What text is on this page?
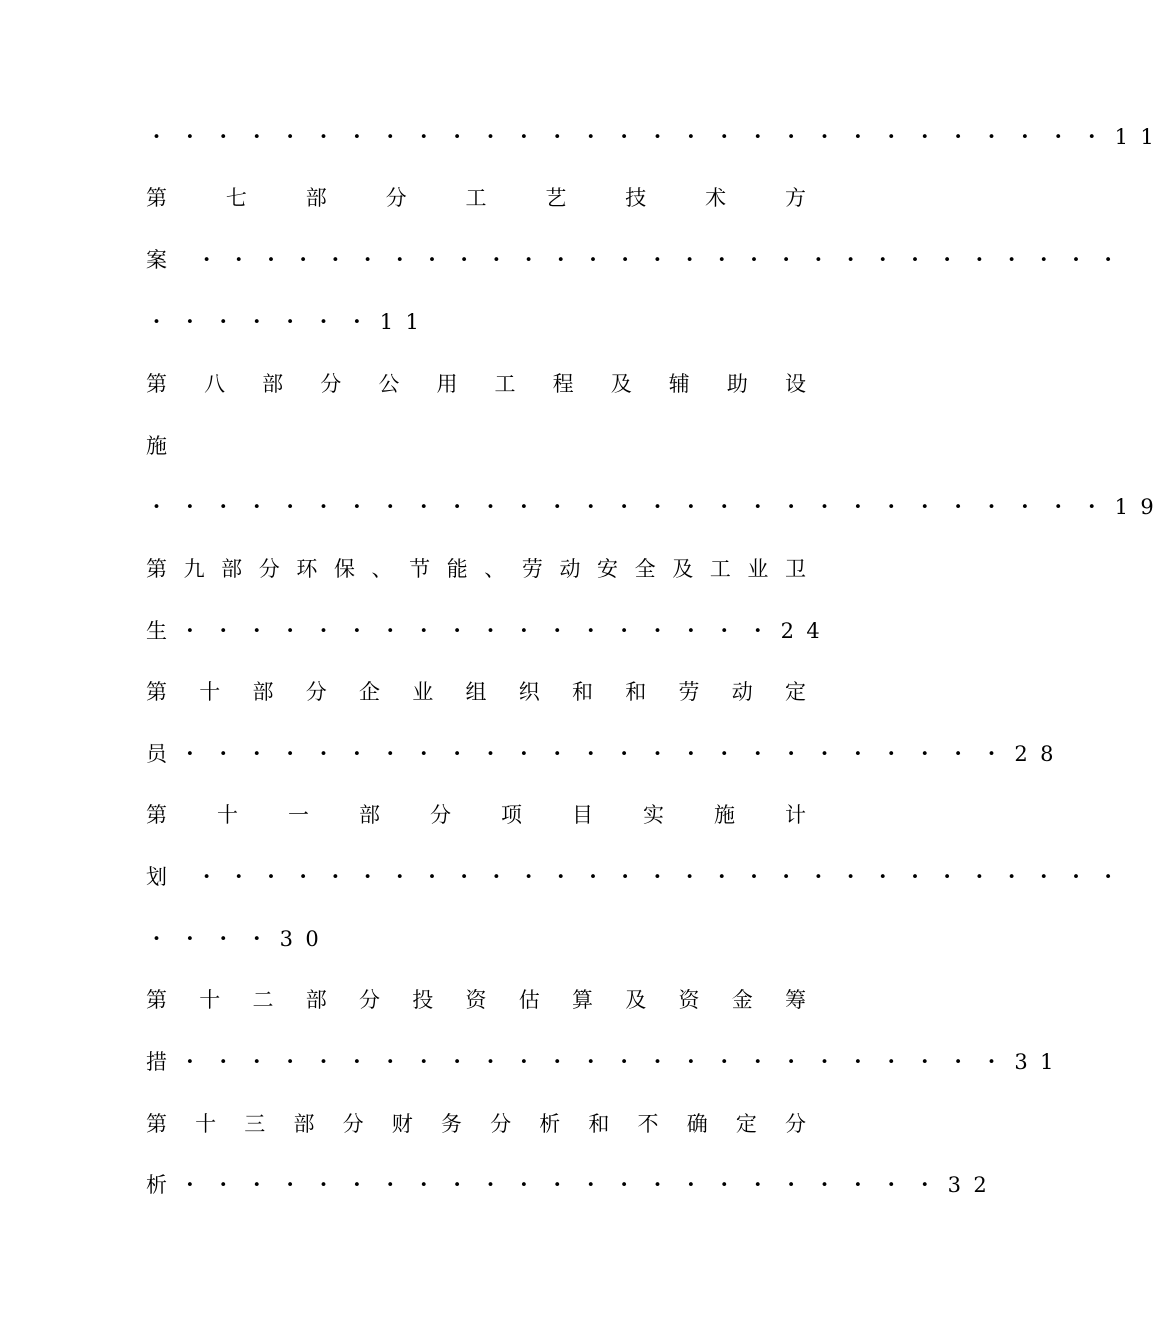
・・・・・・・・・・・・・・・・・・・・・・・・・・・・・11
第 七 部 分 工 艺 技 术 方
案 ・・・・・・・・・・・・・・・・・・・・・・・・・・・・・
・・・・・・・11
第 八 部 分 公 用 工 程 及 辅 助 设
施
・・・・・・・・・・・・・・・・・・・・・・・・・・・・・19
第 九 部 分 环 保 、 节 能 、 劳 动 安 全 及 工 业 卫
生・・・・・・・・・・・・・・・・・・24
第 十 部 分 企 业 组 织 和 和 劳 动 定
员・・・・・・・・・・・・・・・・・・・・・・・・・28
第 十 一 部 分 项 目 实 施 计
划 ・・・・・・・・・・・・・・・・・・・・・・・・・・・・・
・・・・30
第 十 二 部 分 投 资 估 算 及 资 金 筹
措・・・・・・・・・・・・・・・・・・・・・・・・・31
第 十 三 部 分 财 务 分 析 和 不 确 定 分
析・・・・・・・・・・・・・・・・・・・・・・・32
